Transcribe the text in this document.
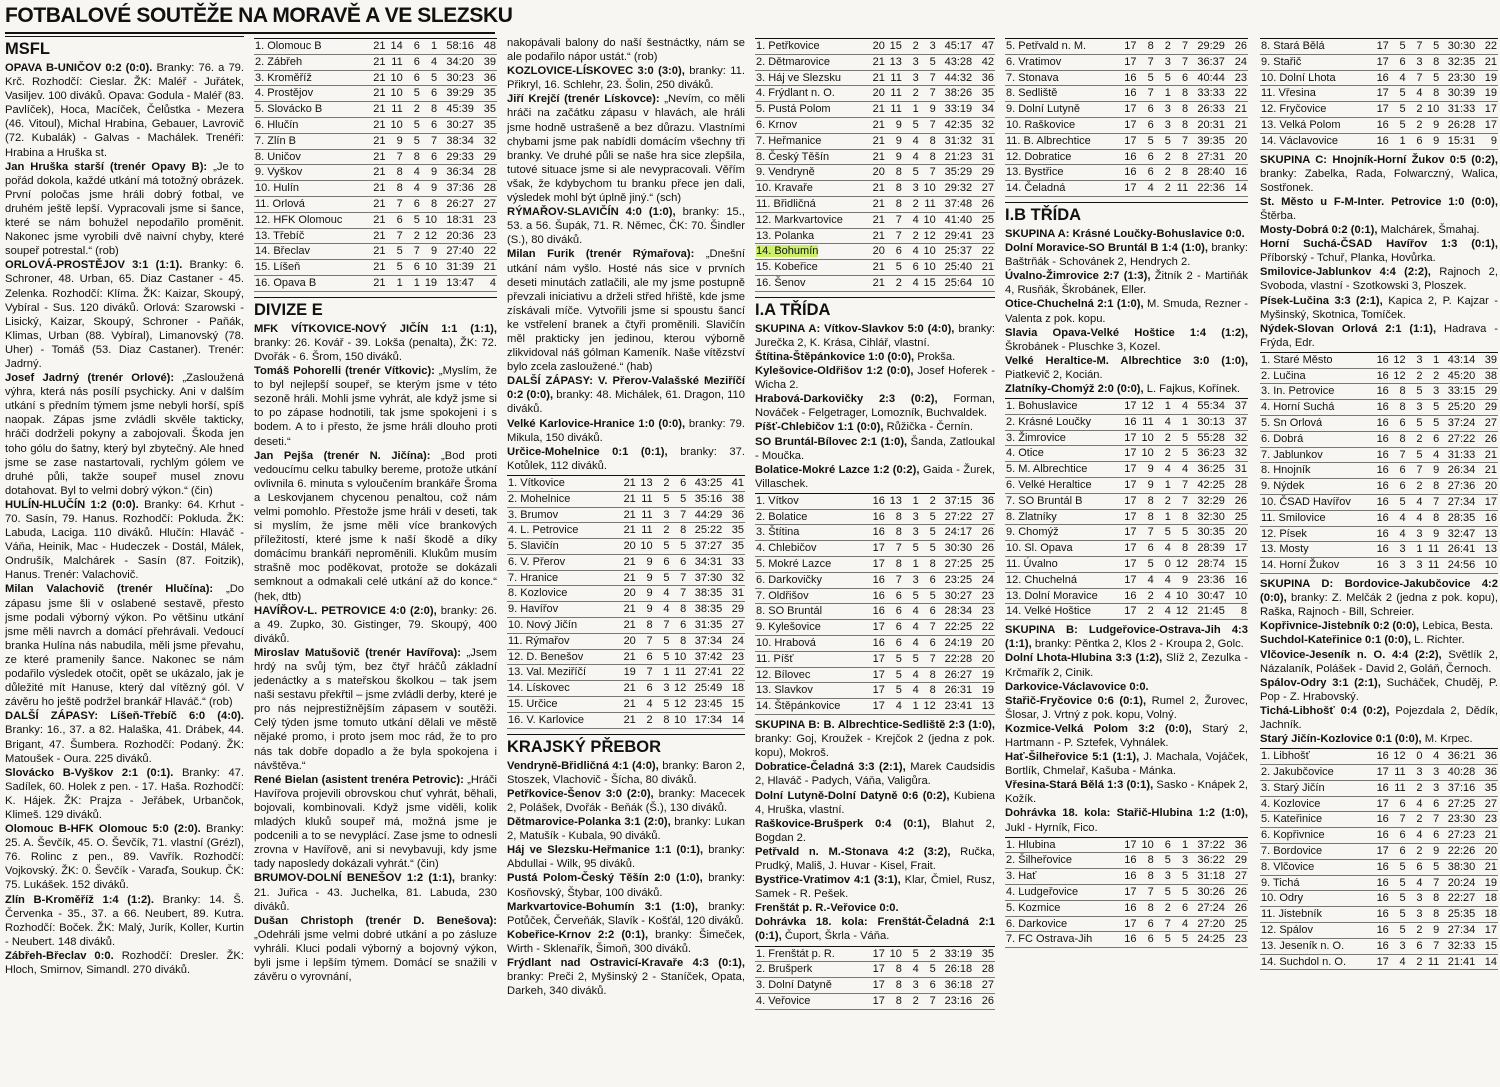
FOTBALOVÉ SOUTĚŽE NA MORAVĚ A VE SLEZSKU
MSFL

OPAVA B-UNIČOV 0:2 (0:0). Branky: 76. a 79. Krč. Rozhodčí: Cieslar. ŽK: Maléř - Juřátek, Vasiljev. 100 diváků. Opava: Godula - Maléř (83. Pavlíček), Hoca, Macíček, Čelůstka - Mezera (46. Vitoul), Michal Hrabina, Gebauer, Lavrovič (72. Kubalák) - Galvas - Machálek. Trenéři: Hrabina a Hruška st.

Jan Hruška starší (trenér Opavy B): „Je to pořád dokola, každé utkání má totožný obrázek. První poločas jsme hráli dobrý fotbal, ve druhém ještě lepší. Vypracovali jsme si šance, které se nám bohužel nepodařilo proměnit. Nakonec jsme vyrobili dvě naivní chyby, které soupeř potrestal.“ (rob)

ORLOVÁ-PROSTĚJOV 3:1 (1:1). Branky: 6. Schroner, 48. Urban, 65. Diaz Castaner - 45. Zelenka. Rozhodčí: Klíma. ŽK: Kaizar, Skoupý, Vybíral - Sus. 120 diváků. Orlová: Szarowski - Lisický, Kaizar, Skoupý, Schroner - Paňák, Klimas, Urban (88. Vybíral), Limanovský (78. Uher) - Tomáš (53. Diaz Castaner). Trenér: Jadrný.

Josef Jadrný (trenér Orlové): „Zasloužená výhra, která nás posílí psychicky. Ani v dalším utkání s předním týmem jsme nebyli horší, spíš naopak. Zápas jsme zvládli skvěle takticky, hráči dodrželi pokyny a zabojovali. Škoda jen toho gólu do šatny, který byl zbytečný. Ale hned jsme se zase nastartovali, rychlým gólem ve druhé půli, takže soupeř musel znovu dotahovat. Byl to velmi dobrý výkon.“ (čin)

HULÍN-HLUČÍN 1:2 (0:0). Branky: 64. Krhut - 70. Sasín, 79. Hanus. Rozhodčí: Pokluda. ŽK: Labuda, Laciga. 110 diváků. Hlučín: Hlaváč - Váňa, Heinik, Mac - Hudeczek - Dostál, Málek, Ondrušík, Malchárek - Sasín (87. Foitzik), Hanus. Trenér: Valachovič.

Milan Valachovič (trenér Hlučína): „Do zápasu jsme šli v oslabené sestavě, přesto jsme podali výborný výkon. Po většinu utkání jsme měli navrch a domácí přehrávali. Vedoucí branka Hulína nás nabudila, měli jsme převahu, ze které pramenily šance. Nakonec se nám podařilo výsledek otočit, opět se ukázalo, jak je důležité mít Hanuse, který dal vítězný gól. V závěru ho ještě podržel brankář Hlaváč.“ (rob)

DALŠÍ ZÁPASY: Líšeň-Třebíč 6:0 (4:0). Branky: 16., 37. a 82. Halaška, 41. Drábek, 44. Brigant, 47. Šumbera. Rozhodčí: Podaný. ŽK: Matoušek - Oura. 225 diváků.

Slovácko B-Vyškov 2:1 (0:1). Branky: 47. Sadílek, 60. Holek z pen. - 17. Haša. Rozhodčí: K. Hájek. ŽK: Prajza - Jeřábek, Urbančok, Klimeš. 129 diváků.

Olomouc B-HFK Olomouc 5:0 (2:0). Branky: 25. A. Ševčík, 45. O. Ševčík, 71. vlastní (Grézl), 76. Rolinc z pen., 89. Vavřík. Rozhodčí: Vojkovský. ŽK: 0. Ševčík - Varaďa, Soukup. ČK: 75. Lukášek. 152 diváků.

Zlín B-Kroměříž 1:4 (1:2). Branky: 14. Š. Červenka - 35., 37. a 66. Neubert, 89. Kutra. Rozhodčí: Boček. ŽK: Malý, Jurík, Koller, Kurtin - Neubert. 148 diváků.

Zábřeh-Břeclav 0:0. Rozhodčí: Dresler. ŽK: Hloch, Smirnov, Simandl. 270 diváků.

1. Olomouc B	21	14	6	1	58:16	48
2. Zábřeh	21	11	6	4	34:20	39
3. Kroměříž	21	10	6	5	30:23	36
4. Prostějov	21	10	5	6	39:29	35
5. Slovácko B	21	11	2	8	45:39	35
6. Hlučín	21	10	5	6	30:27	35
7. Zlín B	21	9	5	7	38:34	32
8. Uničov	21	7	8	6	29:33	29
9. Vyškov	21	8	4	9	36:34	28
10. Hulín	21	8	4	9	37:36	28
11. Orlová	21	7	6	8	26:27	27
12. HFK Olomouc	21	6	5	10	18:31	23
13. Třebíč	21	7	2	12	20:36	23
14. Břeclav	21	5	7	9	27:40	22
15. Líšeň	21	5	6	10	31:39	21
16. Opava B	21	1	1	19	13:47	4
DIVIZE E

MFK VÍTKOVICE-NOVÝ JIČÍN 1:1 (1:1), branky: 26. Kovář - 39. Lokša (penalta), ŽK: 72. Dvořák - 6. Šrom, 150 diváků.

Tomáš Pohorelli (trenér Vítkovic): „Myslím, že to byl nejlepší soupeř, se kterým jsme v této sezoně hráli. Mohli jsme vyhrát, ale když jsme si to po zápase hodnotili, tak jsme spokojeni i s bodem. A to i přesto, že jsme hráli dlouho proti deseti.“

Jan Pejša (trenér N. Jičína): „Bod proti vedoucímu celku tabulky bereme, protože utkání ovlivnila 6. minuta s vyloučením brankáře Šroma a Leskovjanem chycenou penaltou, což nám velmi pomohlo. Přestože jsme hráli v deseti, tak si myslím, že jsme měli více brankových příležitostí, které jsme k naší škodě a díky domácímu brankáři neproměnili. Klukům musím strašně moc poděkovat, protože se dokázali semknout a odmakali celé utkání až do konce.“ (hek, dtb)

HAVÍŘOV-L. PETROVICE 4:0 (2:0), branky: 26. a 49. Zupko, 30. Gistinger, 79. Skoupý, 400 diváků.

Miroslav Matušovič (trenér Havířova): „Jsem hrdý na svůj tým, bez čtyř hráčů základní jedenáctky a s mateřskou školkou – tak jsem naši sestavu překřtil – jsme zvládli derby, které je pro nás nejprestižnějším zápasem v soutěži. Celý týden jsme tomuto utkání dělali ve městě nějaké promo, i proto jsem moc rád, že to pro nás tak dobře dopadlo a že byla spokojena i návštěva.“

René Bielan (asistent trenéra Petrovic): „Hráči Havířova projevili obrovskou chuť vyhrát, běhali, bojovali, kombinovali. Když jsme viděli, kolik mladých kluků soupeř má, možná jsme je podcenili a to se nevyplácí. Zase jsme to odnesli zrovna v Havířově, ani si nevybavuji, kdy jsme tady naposledy dokázali vyhrát.“ (čin)

BRUMOV-DOLNÍ BENEŠOV 1:2 (1:1), branky: 21. Juřica - 43. Juchelka, 81. Labuda, 230 diváků.

Dušan Christoph (trenér D. Benešova): „Odehráli jsme velmi dobré utkání a po zásluze vyhráli. Kluci podali výborný a bojovný výkon, byli jsme i lepším týmem. Domácí se snažili v závěru o vyrovnání,

nakopávali balony do naší šestnáctky, nám se ale podařilo nápor ustát.“ (rob)

KOZLOVICE-LÍSKOVEC 3:0 (3:0), branky: 11. Přikryl, 16. Schlehr, 23. Šolin, 250 diváků.

Jiří Krejčí (trenér Lískovce): „Nevím, co měli hráči na začátku zápasu v hlavách, ale hráli jsme hodně ustrašeně a bez důrazu. Vlastními chybami jsme pak nabídli domácím všechny tři branky. Ve druhé půli se naše hra sice zlepšila, tutové situace jsme si ale nevypracovali. Věřím však, že kdybychom tu branku přece jen dali, výsledek mohl být úplně jiný.“ (sch)

RÝMAŘOV-SLAVIČÍN 4:0 (1:0), branky: 15., 53. a 56. Šupák, 71. R. Němec, ČK: 70. Šindler (S.), 80 diváků.

Milan Furik (trenér Rýmařova): „Dnešní utkání nám vyšlo. Hosté nás sice v prvních deseti minutách zatlačili, ale my jsme postupně převzali iniciativu a drželi střed hřiště, kde jsme získávali míče. Vytvořili jsme si spoustu šancí ke vstřelení branek a čtyři proměnili. Slavičín měl prakticky jen jedinou, kterou výborně zlikvidoval náš gólman Kameník. Naše vítězství bylo zcela zasloužené.“ (hab)

DALŠÍ ZÁPASY: V. Přerov-Valašské Meziříčí 0:2 (0:0), branky: 48. Michálek, 61. Dragon, 110 diváků.

Velké Karlovice-Hranice 1:0 (0:0), branky: 79. Mikula, 150 diváků.

Určice-Mohelnice 0:1 (0:1), branky: 37. Kotůlek, 112 diváků.

1. Vítkovice	21	13	2	6	43:25	41
2. Mohelnice	21	11	5	5	35:16	38
3. Brumov	21	11	3	7	44:29	36
4. L. Petrovice	21	11	2	8	25:22	35
5. Slavičín	20	10	5	5	37:27	35
6. V. Přerov	21	9	6	6	34:31	33
7. Hranice	21	9	5	7	37:30	32
8. Kozlovice	20	9	4	7	38:35	31
9. Havířov	21	9	4	8	38:35	29
10. Nový Jičín	21	8	7	6	31:35	27
11. Rýmařov	20	7	5	8	37:34	24
12. D. Benešov	21	6	5	10	37:42	23
13. Val. Meziříčí	19	7	1	11	27:41	22
14. Lískovec	21	6	3	12	25:49	18
15. Určice	21	4	5	12	23:45	15
16. V. Karlovice	21	2	8	10	17:34	14
KRAJSKÝ PŘEBOR

Vendryně-Břidličná 4:1 (4:0), branky: Baron 2, Stoszek, Vlachovič - Šícha, 80 diváků.

Petřkovice-Šenov 3:0 (2:0), branky: Macecek 2, Polášek, Dvořák - Beňák (Š.), 130 diváků.

Dětmarovice-Polanka 3:1 (2:0), branky: Lukan 2, Matušík - Kubala, 90 diváků.

Háj ve Slezsku-Heřmanice 1:1 (0:1), branky: Abdullai - Wilk, 95 diváků.

Pustá Polom-Český Těšín 2:0 (1:0), branky: Kosňovský, Štybar, 100 diváků.

Markvartovice-Bohumín 3:1 (1:0), branky: Potůček, Červeňák, Slavík - Košťál, 120 diváků.

Kobeřice-Krnov 2:2 (0:1), branky: Šimeček, Wirth - Sklenařík, Šimoň, 300 diváků.

Frýdlant nad Ostravicí-Kravaře 4:3 (0:1), branky: Preči 2, Myšinský 2 - Staníček, Opata, Darkeh, 340 diváků.

1. Petřkovice	20	15	2	3	45:17	47
2. Dětmarovice	21	13	3	5	43:28	42
3. Háj ve Slezsku	21	11	3	7	44:32	36
4. Frýdlant n. O.	20	11	2	7	38:26	35
5. Pustá Polom	21	11	1	9	33:19	34
6. Krnov	21	9	5	7	42:35	32
7. Heřmanice	21	9	4	8	31:32	31
8. Český Těšín	21	9	4	8	21:23	31
9. Vendryně	20	8	5	7	35:29	29
10. Kravaře	21	8	3	10	29:32	27
11. Břidličná	21	8	2	11	37:48	26
12. Markvartovice	21	7	4	10	41:40	25
13. Polanka	21	7	2	12	29:41	23
14. Bohumín	20	6	4	10	25:37	22
15. Kobeřice	21	5	6	10	25:40	21
16. Šenov	21	2	4	15	25:64	10
I.A TŘÍDA

SKUPINA A: Vítkov-Slavkov 5:0 (4:0), branky: Jurečka 2, K. Krása, Cihlář, vlastní.

Štítina-Štěpánkovice 1:0 (0:0), Prokša.

Kylešovice-Oldřišov 1:2 (0:0), Josef Hoferek - Wicha 2.

Hrabová-Darkovičky 2:3 (0:2), Forman, Nováček - Felgetrager, Lomozník, Buchvaldek.

Píšť-Chlebičov 1:1 (0:0), Růžička - Černín.

SO Bruntál-Bílovec 2:1 (1:0), Šanda, Zatloukal - Moučka.

Bolatice-Mokré Lazce 1:2 (0:2), Gaida - Žurek, Villaschek.

1. Vítkov	16	13	1	2	37:15	36
2. Bolatice	16	8	3	5	27:22	27
3. Štítina	16	8	3	5	24:17	26
4. Chlebičov	17	7	5	5	30:30	26
5. Mokré Lazce	17	8	1	8	27:25	25
6. Darkovičky	16	7	3	6	23:25	24
7. Oldřišov	16	6	5	5	30:27	23
8. SO Bruntál	16	6	4	6	28:34	23
9. Kylešovice	17	6	4	7	22:25	22
10. Hrabová	16	6	4	6	24:19	20
11. Píšť	17	5	5	7	22:28	20
12. Bílovec	17	5	4	8	26:27	19
13. Slavkov	17	5	4	8	26:31	19
14. Štěpánkovice	17	4	1	12	23:41	13

SKUPINA B: B. Albrechtice-Sedliště 2:3 (1:0), branky: Goj, Kroužek - Krejčok 2 (jedna z pok. kopu), Mokroš.

Dobratice-Čeladná 3:3 (2:1), Marek Caudsidis 2, Hlaváč - Padych, Váňa, Valigůra.

Dolní Lutyně-Dolní Datyně 0:6 (0:2), Kubiena 4, Hruška, vlastní.

Raškovice-Brušperk 0:4 (0:1), Blahut 2, Bogdan 2.

Petřvald n. M.-Stonava 4:2 (3:2), Ručka, Prudký, Mališ, J. Huvar - Kisel, Frait.

Bystřice-Vratimov 4:1 (3:1), Klar, Čmiel, Rusz, Samek - R. Pešek.

Frenštát p. R.-Veřovice 0:0.

Dohrávka 18. kola: Frenštát-Čeladná 2:1 (0:1), Čuport, Škrla - Váňa.

1. Frenštát p. R.	17	10	5	2	33:19	35
2. Brušperk	17	8	4	5	26:18	28
3. Dolní Datyně	17	8	3	6	36:18	27
4. Veřovice	17	8	2	7	23:16	26
5. Petřvald n. M.	17	8	2	7	29:29	26
6. Vratimov	17	7	3	7	36:37	24
7. Stonava	16	5	5	6	40:44	23
8. Sedliště	16	7	1	8	33:33	22
9. Dolní Lutyně	17	6	3	8	26:33	21
10. Raškovice	17	6	3	8	20:31	21
11. B. Albrechtice	17	5	5	7	39:35	20
12. Dobratice	16	6	2	8	27:31	20
13. Bystřice	16	6	2	8	28:40	16
14. Čeladná	17	4	2	11	22:36	14
I.B TŘÍDA

SKUPINA A: Krásné Loučky-Bohuslavice 0:0.

Dolní Moravice-SO Bruntál B 1:4 (1:0), branky: Baštrňák - Schovánek 2, Hendrych 2.

Úvalno-Žimrovice 2:7 (1:3), Žitník 2 - Martiňák 4, Rusňák, Škrobánek, Eller.

Otice-Chuchelná 2:1 (1:0), M. Smuda, Rezner - Valenta z pok. kopu.

Slavia Opava-Velké Hoštice 1:4 (1:2), Škrobánek - Pluschke 3, Kozel.

Velké Heraltice-M. Albrechtice 3:0 (1:0), Piatkevič 2, Kocián.

Zlatníky-Chomýž 2:0 (0:0), L. Fajkus, Kořínek.

1. Bohuslavice	17	12	1	4	55:34	37
2. Krásné Loučky	16	11	4	1	30:13	37
3. Žimrovice	17	10	2	5	55:28	32
4. Otice	17	10	2	5	36:23	32
5. M. Albrechtice	17	9	4	4	36:25	31
6. Velké Heraltice	17	9	1	7	42:25	28
7. SO Bruntál B	17	8	2	7	32:29	26
8. Zlatníky	17	8	1	8	32:30	25
9. Chomýž	17	7	5	5	30:35	20
10. Sl. Opava	17	6	4	8	28:39	17
11. Úvalno	17	5	0	12	28:74	15
12. Chuchelná	17	4	4	9	23:36	16
13. Dolní Moravice	16	2	4	10	30:47	10
14. Velké Hoštice	17	2	4	12	21:45	8

SKUPINA B: Ludgeřovice-Ostrava-Jih 4:3 (1:1), branky: Pěntka 2, Klos 2 - Kroupa 2, Golc.

Dolní Lhota-Hlubina 3:3 (1:2), Slíž 2, Zezulka - Krčmařík 2, Cinik.

Darkovice-Václavovice 0:0.

Stařič-Fryčovice 0:6 (0:1), Rumel 2, Žurovec, Šlosar, J. Vrtný z pok. kopu, Volný.

Kozmice-Velká Polom 3:2 (0:0), Starý 2, Hartmann - P. Sztefek, Vyhnálek.

Hať-Šilheřovice 5:1 (1:1), J. Machala, Vojáček, Bortlík, Chmelař, Kašuba - Mánka.

Vřesina-Stará Bělá 1:3 (0:1), Sasko - Knápek 2, Kožík.

Dohrávka 18. kola: Stařič-Hlubina 1:2 (1:0), Jukl - Hyrník, Fico.

1. Hlubina	17	10	6	1	37:22	36
2. Šilheřovice	16	8	5	3	36:22	29
3. Hať	16	8	3	5	31:18	27
4. Ludgeřovice	17	7	5	5	30:26	26
5. Kozmice	16	8	2	6	27:24	26
6. Darkovice	17	6	7	4	27:20	25
7. FC Ostrava-Jih	16	6	5	5	24:25	23
8. Stará Bělá	17	5	7	5	30:30	22
9. Stařič	17	6	3	8	32:35	21
10. Dolní Lhota	16	4	7	5	23:30	19
11. Vřesina	17	5	4	8	30:39	19
12. Fryčovice	17	5	2	10	31:33	17
13. Velká Polom	16	5	2	9	26:28	17
14. Václavovice	16	1	6	9	15:31	9

SKUPINA C: Hnojník-Horní Žukov 0:5 (0:2), branky: Zabelka, Rada, Folwarczný, Walica, Sostřonek.

St. Město u F-M-Inter. Petrovice 1:0 (0:0), Štěrba.

Mosty-Dobrá 0:2 (0:1), Malchárek, Šmahaj.

Horní Suchá-ČSAD Havířov 1:3 (0:1), Příborský - Tchuř, Planka, Hovůrka.

Smilovice-Jablunkov 4:4 (2:2), Rajnoch 2, Svoboda, vlastní - Szotkowski 3, Ploszek.

Písek-Lučina 3:3 (2:1), Kapica 2, P. Kajzar - Myšinský, Skotnica, Tomíček.

Nýdek-Slovan Orlová 2:1 (1:1), Hadrava - Frýda, Edr.

1. Staré Město	16	12	3	1	43:14	39
2. Lučina	16	12	2	2	45:20	38
3. In. Petrovice	16	8	5	3	33:15	29
4. Horní Suchá	16	8	3	5	25:20	29
5. Sn Orlová	16	6	5	5	37:24	27
6. Dobrá	16	8	2	6	27:22	26
7. Jablunkov	16	7	5	4	31:33	21
8. Hnojník	16	6	7	9	26:34	21
9. Nýdek	16	6	2	8	27:36	20
10. ČSAD Havířov	16	5	4	7	27:34	17
11. Smilovice	16	4	4	8	28:35	16
12. Písek	16	4	3	9	32:47	13
13. Mosty	16	3	1	11	26:41	13
14. Horní Žukov	16	3	3	11	24:56	10

SKUPINA D: Bordovice-Jakubčovice 4:2 (0:0), branky: Z. Melčák 2 (jedna z pok. kopu), Raška, Rajnoch - Bill, Schreier.

Kopřivnice-Jistebník 0:2 (0:0), Lebica, Besta.

Suchdol-Kateřinice 0:1 (0:0), L. Richter.

Vlčovice-Jeseník n. O. 4:4 (2:2), Světlík 2, Názalaník, Polášek - David 2, Goláň, Černoch.

Spálov-Odry 3:1 (2:1), Sucháček, Chuděj, P. Pop - Z. Hrabovský.

Tichá-Libhošť 0:4 (0:2), Pojezdala 2, Dědík, Jachník.

Starý Jičín-Kozlovice 0:1 (0:0), M. Krpec.

1. Libhošť	16	12	0	4	36:21	36
2. Jakubčovice	17	11	3	3	40:28	36
3. Starý Jičín	16	11	2	3	37:16	35
4. Kozlovice	17	6	4	6	27:25	27
5. Kateřinice	16	7	2	7	23:30	23
6. Kopřivnice	16	6	4	6	27:23	21
7. Bordovice	17	6	2	9	22:26	20
8. Vlčovice	16	5	6	5	38:30	21
9. Tichá	16	5	4	7	20:24	19
10. Odry	16	5	3	8	22:27	18
11. Jistebník	16	5	3	8	25:35	18
12. Spálov	16	5	2	9	27:34	17
13. Jeseník n. O.	16	3	6	7	32:33	15
14. Suchdol n. O.	17	4	2	11	21:41	14
